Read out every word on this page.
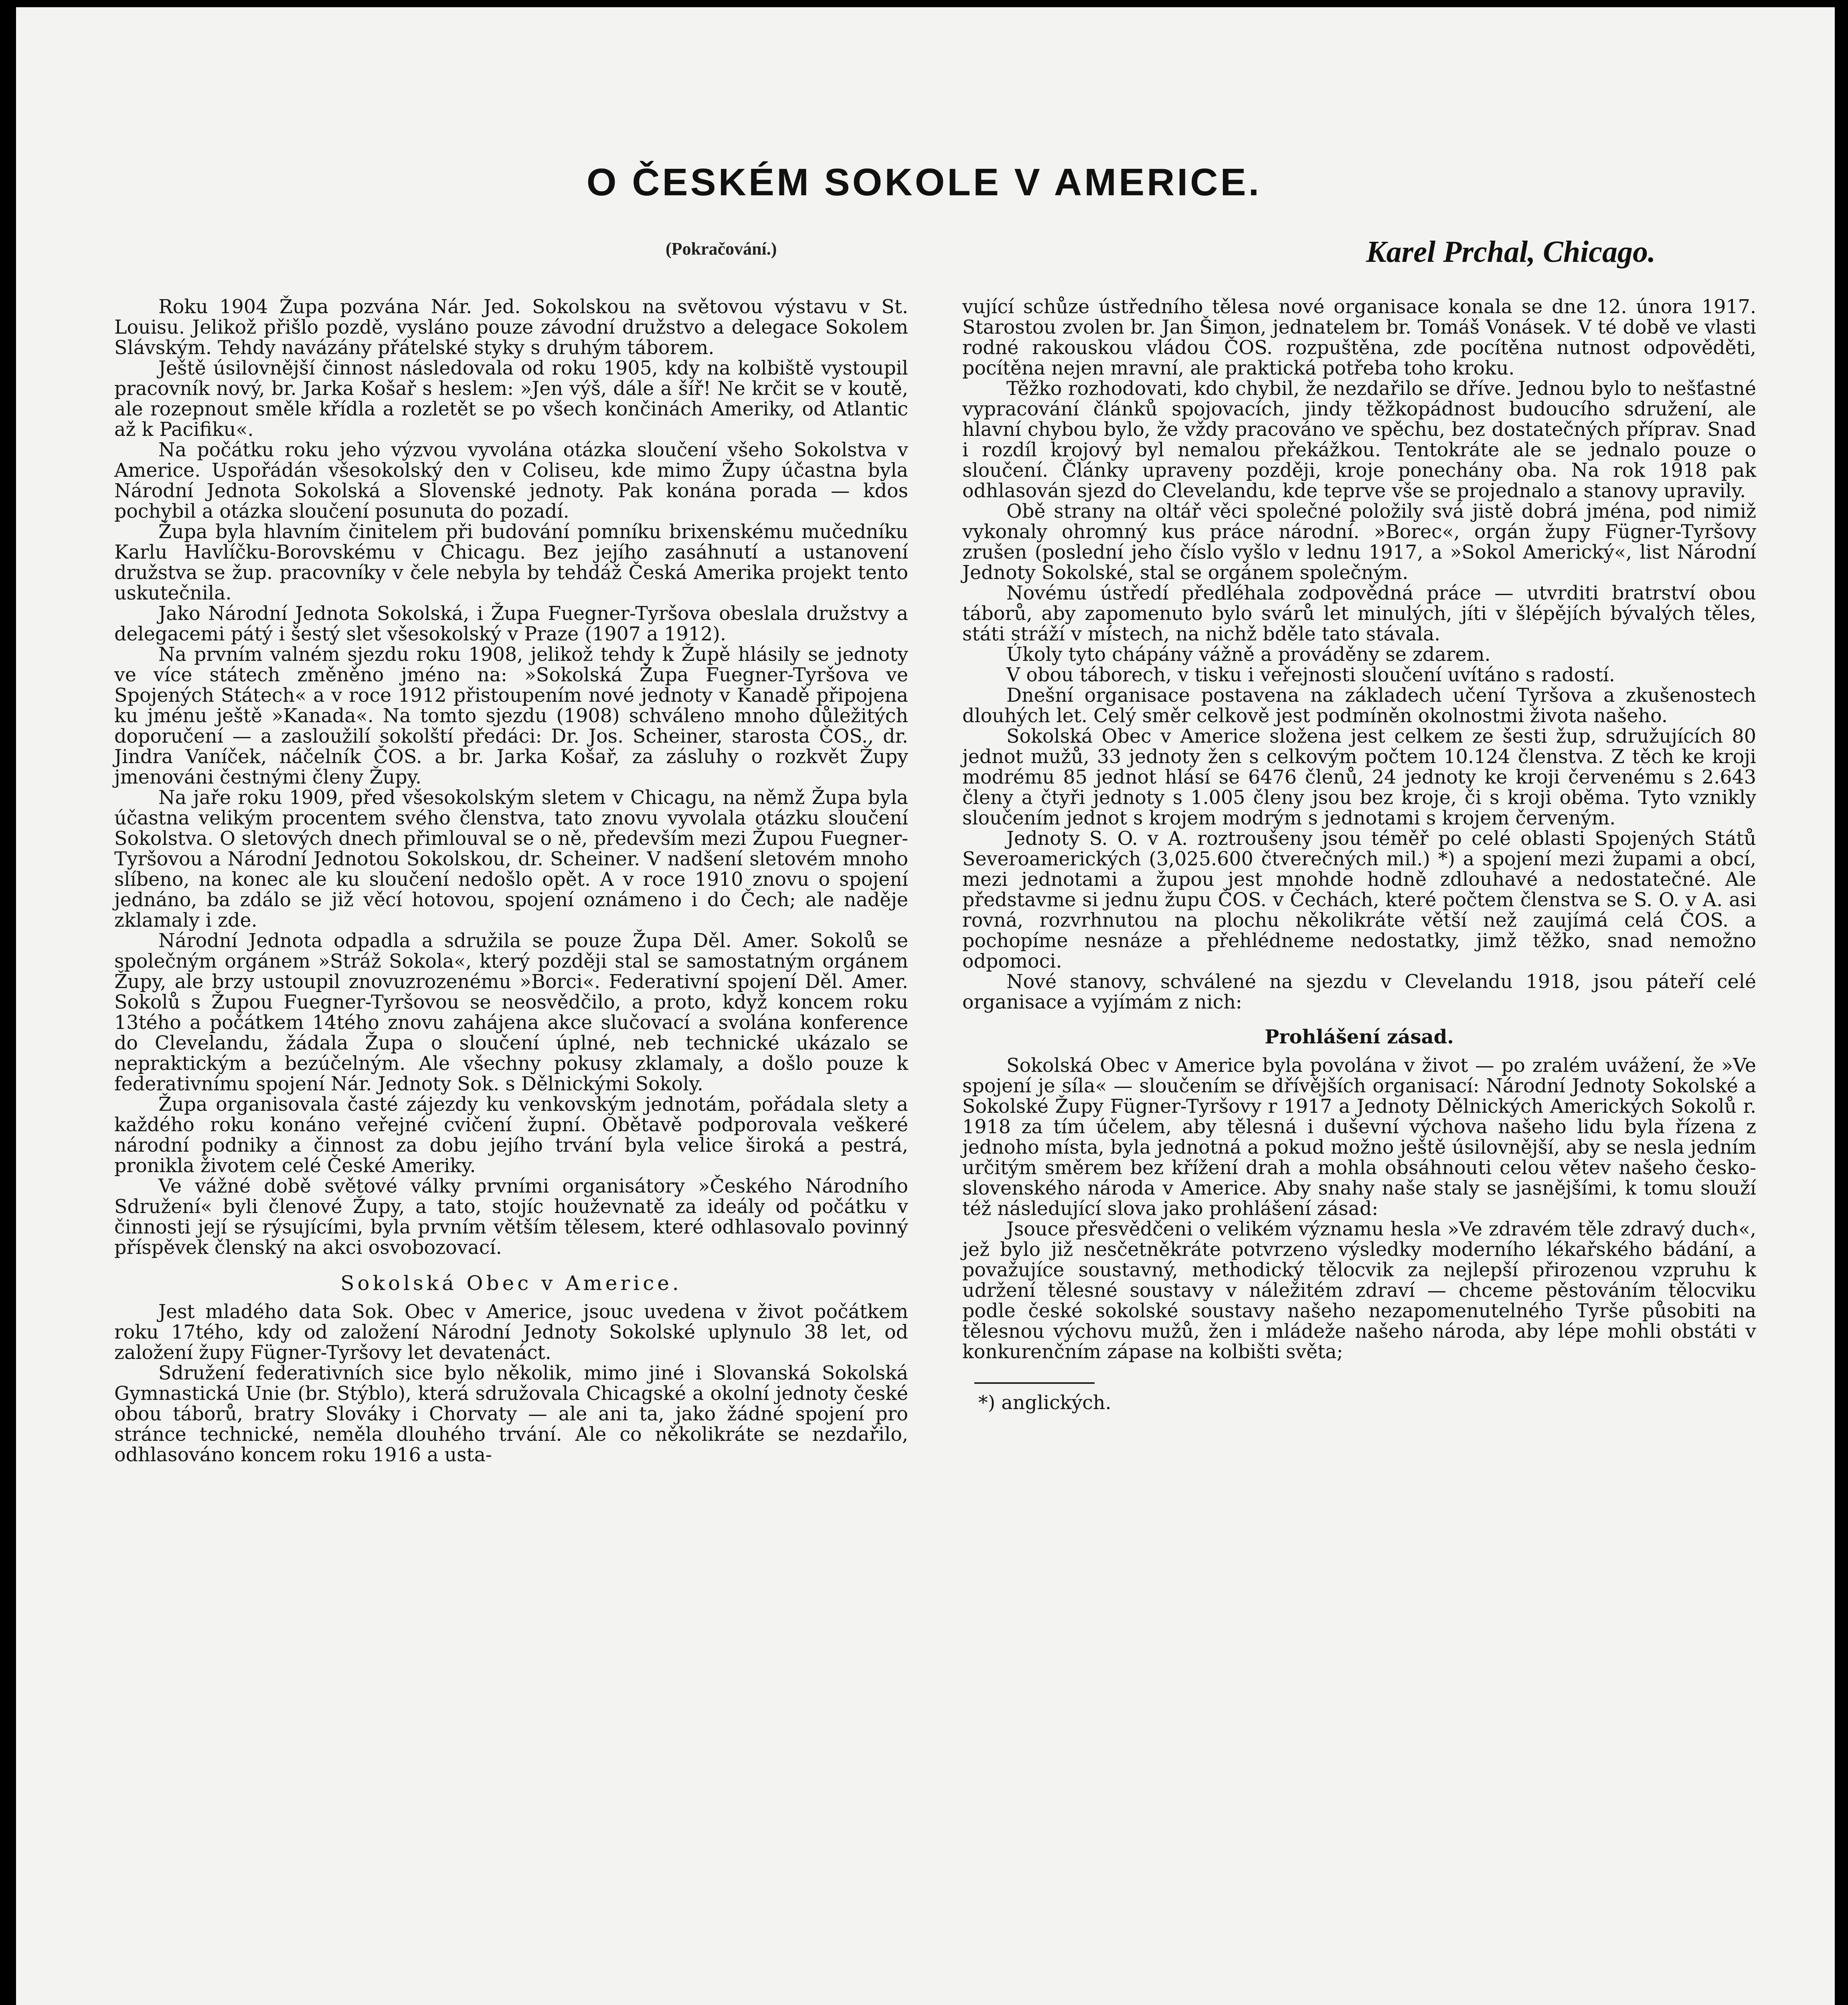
O ČESKÉM SOKOLE V AMERICE.
(Pokračování.)	Karel Prchal, Chicago.

Roku 1904 Župa pozvána Nár. Jed. Sokolskou na světovou výstavu v St. Louisu. Jelikož přišlo pozdě, vysláno pouze závodní družstvo a delegace Sokolem Slávským. Tehdy navázány přátelské styky s druhým táborem.

Ještě úsilovnější činnost následovala od roku 1905, kdy na kolbiště vystoupil pracovník nový, br. Jarka Košař s heslem: »Jen výš, dále a šíř! Ne krčit se v koutě, ale rozepnout směle křídla a rozletět se po všech končinách Ameriky, od Atlantic až k Pacifiku«.

Na počátku roku jeho výzvou vyvolána otázka sloučení všeho Sokolstva v Americe. Uspořádán všesokolský den v Coliseu, kde mimo Župy účastna byla Národní Jednota Sokolská a Slovenské jednoty. Pak konána porada — kdos pochybil a otázka sloučení posunuta do pozadí.

Župa byla hlavním činitelem při budování pomníku brixenskému mučedníku Karlu Havlíčku-Borovskému v Chicagu. Bez jejího zasáhnutí a ustanovení družstva se žup. pracovníky v čele nebyla by tehdáž Česká Amerika projekt tento uskutečnila.

Jako Národní Jednota Sokolská, i Župa Fuegner-Tyršova obeslala družstvy a delegacemi pátý i šestý slet všesokolský v Praze (1907 a 1912).

Na prvním valném sjezdu roku 1908, jelikož tehdy k Župě hlásily se jednoty ve více státech změněno jméno na: »Sokolská Župa Fuegner-Tyršova ve Spojených Státech« a v roce 1912 přistoupením nové jednoty v Kanadě připojena ku jménu ještě »Kanada«. Na tomto sjezdu (1908) schváleno mnoho důležitých doporučení — a zasloužilí sokolští předáci: Dr. Jos. Scheiner, starosta ČOS., dr. Jindra Vaníček, náčelník ČOS. a br. Jarka Košař, za zásluhy o rozkvět Župy jmenováni čestnými členy Župy.

Na jaře roku 1909, před všesokolským sletem v Chicagu, na němž Župa byla účastna velikým procentem svého členstva, tato znovu vyvolala otázku sloučení Sokolstva. O sletových dnech přimlouval se o ně, především mezi Župou Fuegner-Tyršovou a Národní Jednotou Sokolskou, dr. Scheiner. V nadšení sletovém mnoho slíbeno, na konec ale ku sloučení nedošlo opět. A v roce 1910 znovu o spojení jednáno, ba zdálo se již věcí hotovou, spojení oznámeno i do Čech; ale naděje zklamaly i zde.

Národní Jednota odpadla a sdružila se pouze Župa Děl. Amer. Sokolů se společným orgánem »Stráž Sokola«, který později stal se samostatným orgánem Župy, ale brzy ustoupil znovuzrozenému »Borci«. Federativní spojení Děl. Amer. Sokolů s Župou Fuegner-Tyršovou se neosvědčilo, a proto, když koncem roku 13tého a počátkem 14tého znovu zahájena akce slučovací a svolána konference do Clevelandu, žádala Župa o sloučení úplné, neb technické ukázalo se nepraktickým a bezúčelným. Ale všechny pokusy zklamaly, a došlo pouze k federativnímu spojení Nár. Jednoty Sok. s Dělnickými Sokoly.

Župa organisovala časté zájezdy ku venkovským jednotám, pořádala slety a každého roku konáno veřejné cvičení župní. Obětavě podporovala veškeré národní podniky a činnost za dobu jejího trvání byla velice široká a pestrá, pronikla životem celé České Ameriky.

Ve vážné době světové války prvními organisátory »Českého Národního Sdružení« byli členové Župy, a tato, stojíc houževnatě za ideály od počátku v činnosti její se rýsujícími, byla prvním větším tělesem, které odhlasovalo povinný příspěvek členský na akci osvobozovací.

Sokolská Obec v Americe.

Jest mladého data Sok. Obec v Americe, jsouc uvedena v život počátkem roku 17tého, kdy od založení Národní Jednoty Sokolské uplynulo 38 let, od založení župy Fügner-Tyršovy let devatenáct.

Sdružení federativních sice bylo několik, mimo jiné i Slovanská Sokolská Gymnastická Unie (br. Stýblo), která sdružovala Chicagské a okolní jednoty české obou táborů, bratry Slováky i Chorvaty — ale ani ta, jako žádné spojení pro stránce technické, neměla dlouhého trvání. Ale co několikráte se nezdařilo, odhlasováno koncem roku 1916 a usta-

vující schůze ústředního tělesa nové organisace konala se dne 12. února 1917. Starostou zvolen br. Jan Šimon, jednatelem br. Tomáš Vonásek. V té době ve vlasti rodné rakouskou vládou ČOS. rozpuštěna, zde pocítěna nutnost odpověděti, pocítěna nejen mravní, ale praktická potřeba toho kroku.

Těžko rozhodovati, kdo chybil, že nezdařilo se dříve. Jednou bylo to nešťastné vypracování článků spojovacích, jindy těžkopádnost budoucího sdružení, ale hlavní chybou bylo, že vždy pracováno ve spěchu, bez dostatečných příprav. Snad i rozdíl krojový byl nemalou překážkou. Tentokráte ale se jednalo pouze o sloučení. Články upraveny později, kroje ponechány oba. Na rok 1918 pak odhlasován sjezd do Clevelandu, kde teprve vše se projednalo a stanovy upravily.

Obě strany na oltář věci společné položily svá jistě dobrá jména, pod nimiž vykonaly ohromný kus práce národní. »Borec«, orgán župy Fügner-Tyršovy zrušen (poslední jeho číslo vyšlo v lednu 1917, a »Sokol Americký«, list Národní Jednoty Sokolské, stal se orgánem společným.

Novému ústředí předléhala zodpovědná práce — utvrditi bratrství obou táborů, aby zapomenuto bylo svárů let minulých, jíti v šlépějích bývalých těles, státi stráží v místech, na nichž bděle tato stávala.

Úkoly tyto chápány vážně a prováděny se zdarem.

V obou táborech, v tisku i veřejnosti sloučení uvítáno s radostí.

Dnešní organisace postavena na základech učení Tyršova a zkušenostech dlouhých let. Celý směr celkově jest podmíněn okolnostmi života našeho.

Sokolská Obec v Americe složena jest celkem ze šesti žup, sdružujících 80 jednot mužů, 33 jednoty žen s celkovým počtem 10.124 členstva. Z těch ke kroji modrému 85 jednot hlásí se 6476 členů, 24 jednoty ke kroji červenému s 2.643 členy a čtyři jednoty s 1.005 členy jsou bez kroje, či s kroji oběma. Tyto vznikly sloučením jednot s krojem modrým s jednotami s krojem červeným.

Jednoty S. O. v A. roztroušeny jsou téměř po celé oblasti Spojených Států Severoamerických (3,025.600 čtverečných mil.) *) a spojení mezi župami a obcí, mezi jednotami a župou jest mnohde hodně zdlouhavé a nedostatečné. Ale představme si jednu župu ČOS. v Čechách, které počtem členstva se S. O. v A. asi rovná, rozvrhnutou na plochu několikráte větší než zaujímá celá ČOS. a pochopíme nesnáze a přehlédneme nedostatky, jimž těžko, snad nemožno odpomoci.

Nové stanovy, schválené na sjezdu v Clevelandu 1918, jsou páteří celé organisace a vyjímám z nich:

Prohlášení zásad.

Sokolská Obec v Americe byla povolána v život — po zralém uvážení, že »Ve spojení je síla« — sloučením se dřívějších organisací: Národní Jednoty Sokolské a Sokolské Župy Fügner-Tyršovy r 1917 a Jednoty Dělnických Amerických Sokolů r. 1918 za tím účelem, aby tělesná i duševní výchova našeho lidu byla řízena z jednoho místa, byla jednotná a pokud možno ještě úsilovnější, aby se nesla jedním určitým směrem bez křížení drah a mohla obsáhnouti celou větev našeho česko-slovenského národa v Americe. Aby snahy naše staly se jasnějšími, k tomu slouží též následující slova jako prohlášení zásad:

Jsouce přesvědčeni o velikém významu hesla »Ve zdravém těle zdravý duch«, jež bylo již nesčetněkráte potvrzeno výsledky moderního lékařského bádání, a považujíce soustavný, methodický tělocvik za nejlepší přirozenou vzpruhu k udržení tělesné soustavy v náležitém zdraví — chceme pěstováním tělocviku podle české sokolské soustavy našeho nezapomenutelného Tyrše působiti na tělesnou výchovu mužů, žen i mládeže našeho národa, aby lépe mohli obstáti v konkurenčním zápase na kolbišti světa;

*) anglických.
